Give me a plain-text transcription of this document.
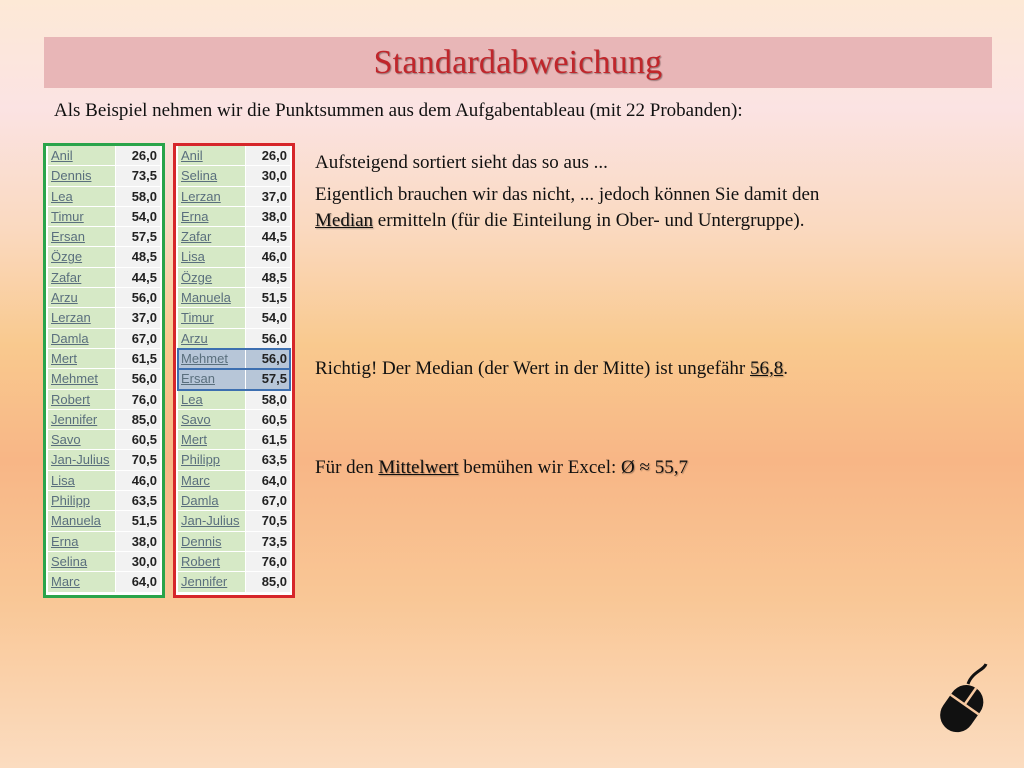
Standardabweichung
Als Beispiel nehmen wir die Punktsummen aus dem Aufgabentableau (mit 22 Probanden):
Anil	26,0
Dennis	73,5
Lea	58,0
Timur	54,0
Ersan	57,5
Özge	48,5
Zafar	44,5
Arzu	56,0
Lerzan	37,0
Damla	67,0
Mert	61,5
Mehmet	56,0
Robert	76,0
Jennifer	85,0
Savo	60,5
Jan-Julius	70,5
Lisa	46,0
Philipp	63,5
Manuela	51,5
Erna	38,0
Selina	30,0
Marc	64,0
Anil	26,0
Selina	30,0
Lerzan	37,0
Erna	38,0
Zafar	44,5
Lisa	46,0
Özge	48,5
Manuela	51,5
Timur	54,0
Arzu	56,0
Mehmet	56,0
Ersan	57,5
Lea	58,0
Savo	60,5
Mert	61,5
Philipp	63,5
Marc	64,0
Damla	67,0
Jan-Julius	70,5
Dennis	73,5
Robert	76,0
Jennifer	85,0
Aufsteigend sortiert sieht das so aus ...
Eigentlich brauchen wir das nicht, ... jedoch können Sie damit den
Median ermitteln (für die Einteilung in Ober- und Untergruppe).
Richtig! Der Median (der Wert in der Mitte) ist ungefähr 56,8.
Für den Mittelwert bemühen wir Excel: Ø ≈ 55,7
